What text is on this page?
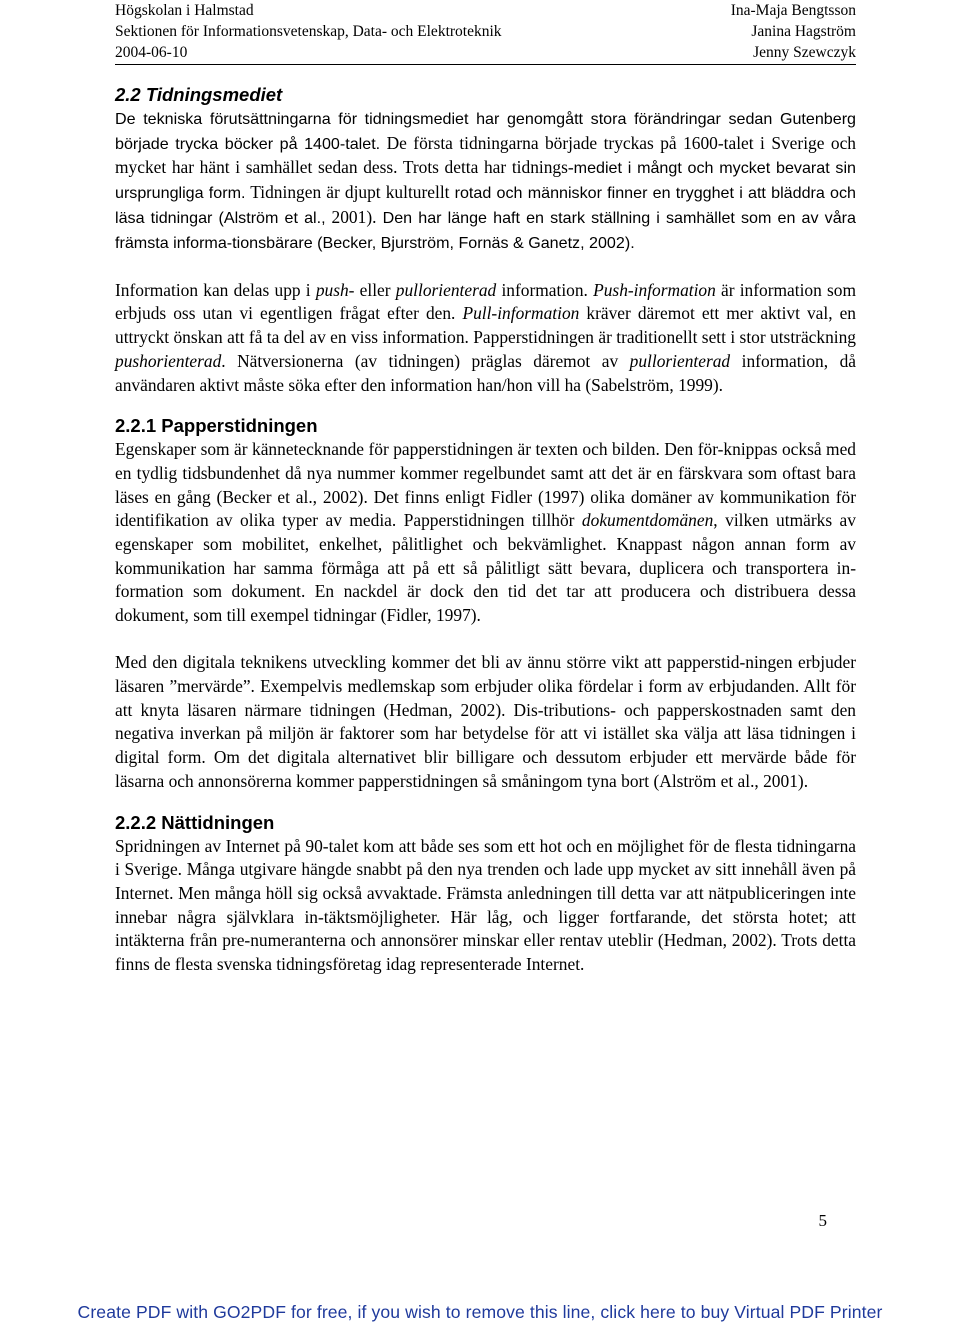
Högskolan i Halmstad
Sektionen för Informationsvetenskap, Data- och Elektroteknik
2004-06-10
Ina-Maja Bengtsson
Janina Hagström
Jenny Szewczyk
2.2 Tidningsmediet

De tekniska förutsättningarna för tidningsmediet har genomgått stora förändringar sedan Gutenberg började trycka böcker på 1400-talet. De första tidningarna började tryckas på 1600-talet i Sverige och mycket har hänt i samhället sedan dess. Trots detta har tidnings-mediet i mångt och mycket bevarat sin ursprungliga form. Tidningen är djupt kulturellt rotad och människor finner en trygghet i att bläddra och läsa tidningar (Alström et al., 2001). Den har länge haft en stark ställning i samhället som en av våra främsta informa-tionsbärare (Becker, Bjurström, Fornäs & Ganetz, 2002).

Information kan delas upp i push- eller pullorienterad information. Push-information är information som erbjuds oss utan vi egentligen frågat efter den. Pull-information kräver däremot ett mer aktivt val, en uttryckt önskan att få ta del av en viss information. Papperstidningen är traditionellt sett i stor utsträckning pushorienterad. Nätversionerna (av tidningen) präglas däremot av pullorienterad information, då användaren aktivt måste söka efter den information han/hon vill ha (Sabelström, 1999).

2.2.1 Papperstidningen

Egenskaper som är kännetecknande för papperstidningen är texten och bilden. Den för-knippas också med en tydlig tidsbundenhet då nya nummer kommer regelbundet samt att det är en färskvara som oftast bara läses en gång (Becker et al., 2002). Det finns enligt Fidler (1997) olika domäner av kommunikation för identifikation av olika typer av media. Papperstidningen tillhör dokumentdomänen, vilken utmärks av egenskaper som mobilitet, enkelhet, pålitlighet och bekvämlighet. Knappast någon annan form av kommunikation har samma förmåga att på ett så pålitligt sätt bevara, duplicera och transportera in-formation som dokument. En nackdel är dock den tid det tar att producera och distribuera dessa dokument, som till exempel tidningar (Fidler, 1997).

Med den digitala teknikens utveckling kommer det bli av ännu större vikt att papperstid-ningen erbjuder läsaren ”mervärde”. Exempelvis medlemskap som erbjuder olika fördelar i form av erbjudanden. Allt för att knyta läsaren närmare tidningen (Hedman, 2002). Dis-tributions- och papperskostnaden samt den negativa inverkan på miljön är faktorer som har betydelse för att vi istället ska välja att läsa tidningen i digital form. Om det digitala alternativet blir billigare och dessutom erbjuder ett mervärde både för läsarna och annonsörerna kommer papperstidningen så småningom tyna bort (Alström et al., 2001).

2.2.2 Nättidningen

Spridningen av Internet på 90-talet kom att både ses som ett hot och en möjlighet för de flesta tidningarna i Sverige. Många utgivare hängde snabbt på den nya trenden och lade upp mycket av sitt innehåll även på Internet. Men många höll sig också avvaktade. Främsta anledningen till detta var att nätpubliceringen inte innebar några självklara in-täktsmöjligheter. Här låg, och ligger fortfarande, det största hotet; att intäkterna från pre-numeranterna och annonsörer minskar eller rentav uteblir (Hedman, 2002). Trots detta finns de flesta svenska tidningsföretag idag representerade Internet.

5
Create PDF with GO2PDF for free, if you wish to remove this line, click here to buy Virtual PDF Printer
